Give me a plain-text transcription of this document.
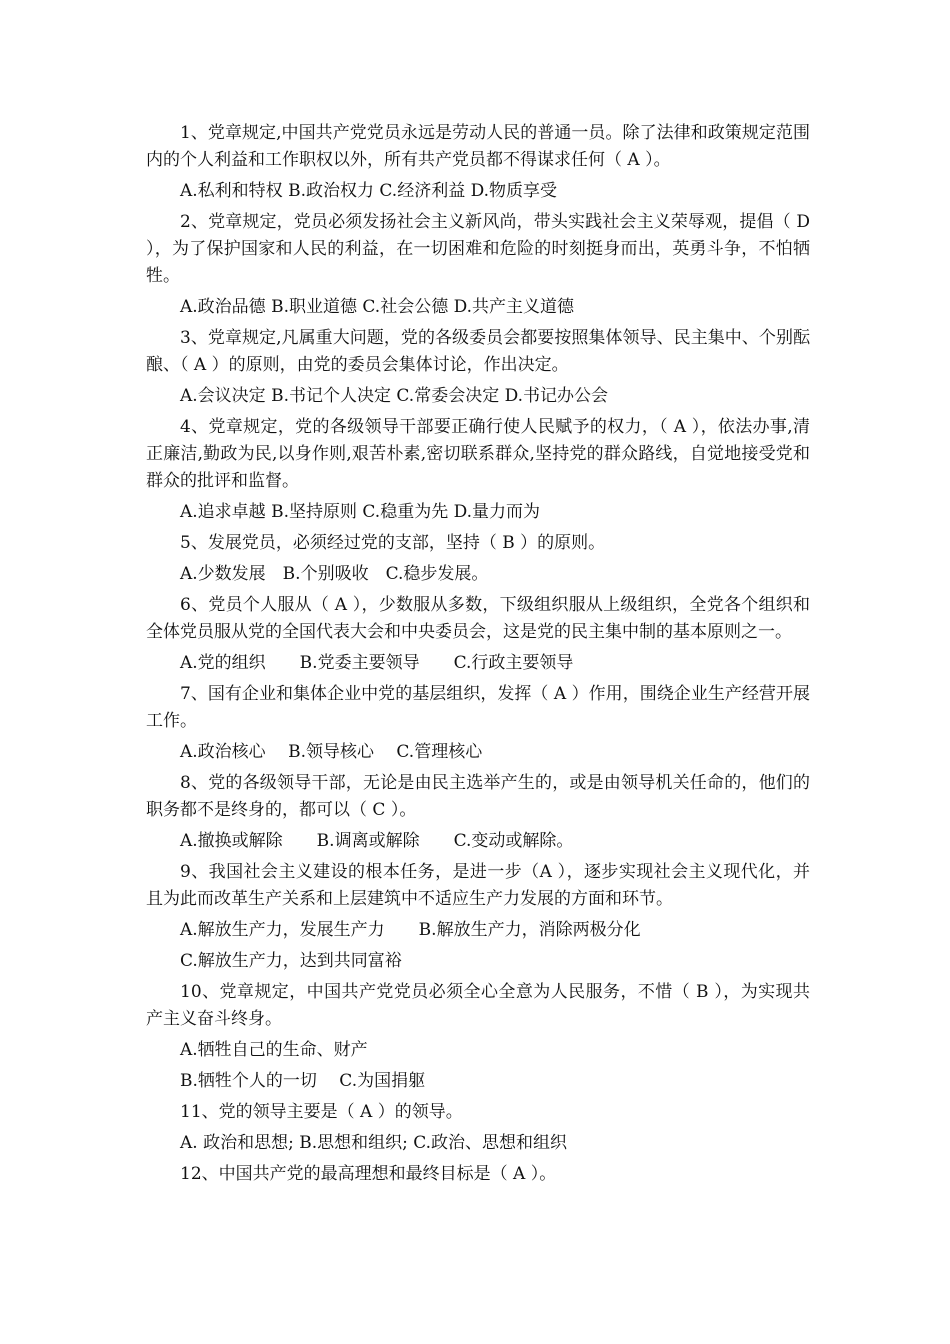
1、党章规定,中国共产党党员永远是劳动人民的普通一员。除了法律和政策规定范围内的个人利益和工作职权以外，所有共产党员都不得谋求任何（ A ）。

A.私利和特权 B.政治权力 C.经济利益 D.物质享受

2、党章规定，党员必须发扬社会主义新风尚，带头实践社会主义荣辱观，提倡（ D ），为了保护国家和人民的利益，在一切困难和危险的时刻挺身而出，英勇斗争，不怕牺牲。

A.政治品德 B.职业道德 C.社会公德 D.共产主义道德

3、党章规定,凡属重大问题，党的各级委员会都要按照集体领导、民主集中、个别酝酿、（ A ）的原则，由党的委员会集体讨论，作出决定。

A.会议决定 B.书记个人决定 C.常委会决定 D.书记办公会

4、党章规定，党的各级领导干部要正确行使人民赋予的权力，（ A ），依法办事,清正廉洁,勤政为民,以身作则,艰苦朴素,密切联系群众,坚持党的群众路线，自觉地接受党和群众的批评和监督。

A.追求卓越 B.坚持原则 C.稳重为先 D.量力而为

5、发展党员，必须经过党的支部，坚持（ B ）的原则。

A.少数发展　B.个别吸收　C.稳步发展。

6、党员个人服从（ A ），少数服从多数，下级组织服从上级组织，全党各个组织和全体党员服从党的全国代表大会和中央委员会，这是党的民主集中制的基本原则之一。

A.党的组织　　B.党委主要领导　　C.行政主要领导

7、国有企业和集体企业中党的基层组织，发挥（ A ）作用，围绕企业生产经营开展工作。

A.政治核心　 B.领导核心　 C.管理核心

8、党的各级领导干部，无论是由民主选举产生的，或是由领导机关任命的，他们的职务都不是终身的，都可以（ C ）。

A.撤换或解除　　B.调离或解除　　C.变动或解除。

9、我国社会主义建设的根本任务，是进一步（A ），逐步实现社会主义现代化，并且为此而改革生产关系和上层建筑中不适应生产力发展的方面和环节。

A.解放生产力，发展生产力　　B.解放生产力，消除两极分化

C.解放生产力，达到共同富裕

10、党章规定，中国共产党党员必须全心全意为人民服务，不惜（ B ），为实现共产主义奋斗终身。

A.牺牲自己的生命、财产

B.牺牲个人的一切　 C.为国捐躯

11、党的领导主要是（ A ）的领导。

A. 政治和思想; B.思想和组织; C.政治、思想和组织

12、中国共产党的最高理想和最终目标是（ A ）。
